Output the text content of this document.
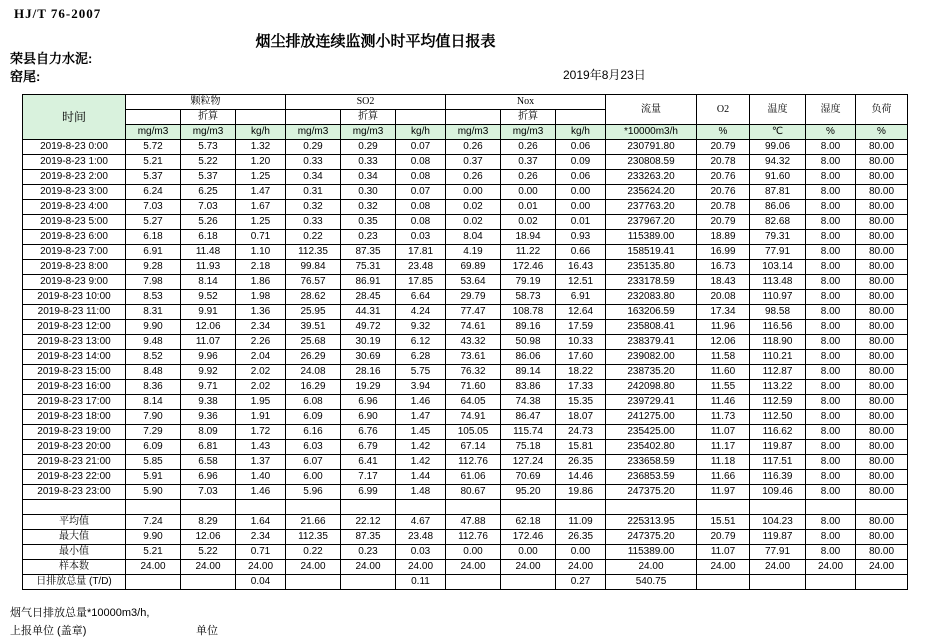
HJ/T 76-2007
烟尘排放连续监测小时平均值日报表
荣县自力水泥:
窑尾:	2019年8月23日
时间	颗粒物			SO2			Nox			流量	O2	温度	湿度	负荷
		折算			折算			折算						
	mg/m3	mg/m3	kg/h	mg/m3	mg/m3	kg/h	mg/m3	mg/m3	kg/h	*10000m3/h	%	℃	%	%
2019-8-23 0:00	5.72	5.73	1.32	0.29	0.29	0.07	0.26	0.26	0.06	230791.80	20.79	99.06	8.00	80.00
2019-8-23 1:00	5.21	5.22	1.20	0.33	0.33	0.08	0.37	0.37	0.09	230808.59	20.78	94.32	8.00	80.00
2019-8-23 2:00	5.37	5.37	1.25	0.34	0.34	0.08	0.26	0.26	0.06	233263.20	20.76	91.60	8.00	80.00
2019-8-23 3:00	6.24	6.25	1.47	0.31	0.30	0.07	0.00	0.00	0.00	235624.20	20.76	87.81	8.00	80.00
2019-8-23 4:00	7.03	7.03	1.67	0.32	0.32	0.08	0.02	0.01	0.00	237763.20	20.78	86.06	8.00	80.00
2019-8-23 5:00	5.27	5.26	1.25	0.33	0.35	0.08	0.02	0.02	0.01	237967.20	20.79	82.68	8.00	80.00
2019-8-23 6:00	6.18	6.18	0.71	0.22	0.23	0.03	8.04	18.94	0.93	115389.00	18.89	79.31	8.00	80.00
2019-8-23 7:00	6.91	11.48	1.10	112.35	87.35	17.81	4.19	11.22	0.66	158519.41	16.99	77.91	8.00	80.00
2019-8-23 8:00	9.28	11.93	2.18	99.84	75.31	23.48	69.89	172.46	16.43	235135.80	16.73	103.14	8.00	80.00
2019-8-23 9:00	7.98	8.14	1.86	76.57	86.91	17.85	53.64	79.19	12.51	233178.59	18.43	113.48	8.00	80.00
2019-8-23 10:00	8.53	9.52	1.98	28.62	28.45	6.64	29.79	58.73	6.91	232083.80	20.08	110.97	8.00	80.00
2019-8-23 11:00	8.31	9.91	1.36	25.95	44.31	4.24	77.47	108.78	12.64	163206.59	17.34	98.58	8.00	80.00
2019-8-23 12:00	9.90	12.06	2.34	39.51	49.72	9.32	74.61	89.16	17.59	235808.41	11.96	116.56	8.00	80.00
2019-8-23 13:00	9.48	11.07	2.26	25.68	30.19	6.12	43.32	50.98	10.33	238379.41	12.06	118.90	8.00	80.00
2019-8-23 14:00	8.52	9.96	2.04	26.29	30.69	6.28	73.61	86.06	17.60	239082.00	11.58	110.21	8.00	80.00
2019-8-23 15:00	8.48	9.92	2.02	24.08	28.16	5.75	76.32	89.14	18.22	238735.20	11.60	112.87	8.00	80.00
2019-8-23 16:00	8.36	9.71	2.02	16.29	19.29	3.94	71.60	83.86	17.33	242098.80	11.55	113.22	8.00	80.00
2019-8-23 17:00	8.14	9.38	1.95	6.08	6.96	1.46	64.05	74.38	15.35	239729.41	11.46	112.59	8.00	80.00
2019-8-23 18:00	7.90	9.36	1.91	6.09	6.90	1.47	74.91	86.47	18.07	241275.00	11.73	112.50	8.00	80.00
2019-8-23 19:00	7.29	8.09	1.72	6.16	6.76	1.45	105.05	115.74	24.73	235425.00	11.07	116.62	8.00	80.00
2019-8-23 20:00	6.09	6.81	1.43	6.03	6.79	1.42	67.14	75.18	15.81	235402.80	11.17	119.87	8.00	80.00
2019-8-23 21:00	5.85	6.58	1.37	6.07	6.41	1.42	112.76	127.24	26.35	233658.59	11.18	117.51	8.00	80.00
2019-8-23 22:00	5.91	6.96	1.40	6.00	7.17	1.44	61.06	70.69	14.46	236853.59	11.66	116.39	8.00	80.00
2019-8-23 23:00	5.90	7.03	1.46	5.96	6.99	1.48	80.67	95.20	19.86	247375.20	11.97	109.46	8.00	80.00

平均值	7.24	8.29	1.64	21.66	22.12	4.67	47.88	62.18	11.09	225313.95	15.51	104.23	8.00	80.00
最大值	9.90	12.06	2.34	112.35	87.35	23.48	112.76	172.46	26.35	247375.20	20.79	119.87	8.00	80.00
最小值	5.21	5.22	0.71	0.22	0.23	0.03	0.00	0.00	0.00	115389.00	11.07	77.91	8.00	80.00
样本数	24.00	24.00	24.00	24.00	24.00	24.00	24.00	24.00	24.00	24.00	24.00	24.00	24.00	24.00
日排放总量 (T/D)			0.04			0.11			0.27	540.75				
烟气日排放总量*10000m3/h,
上报单位 (盖章)	单位
